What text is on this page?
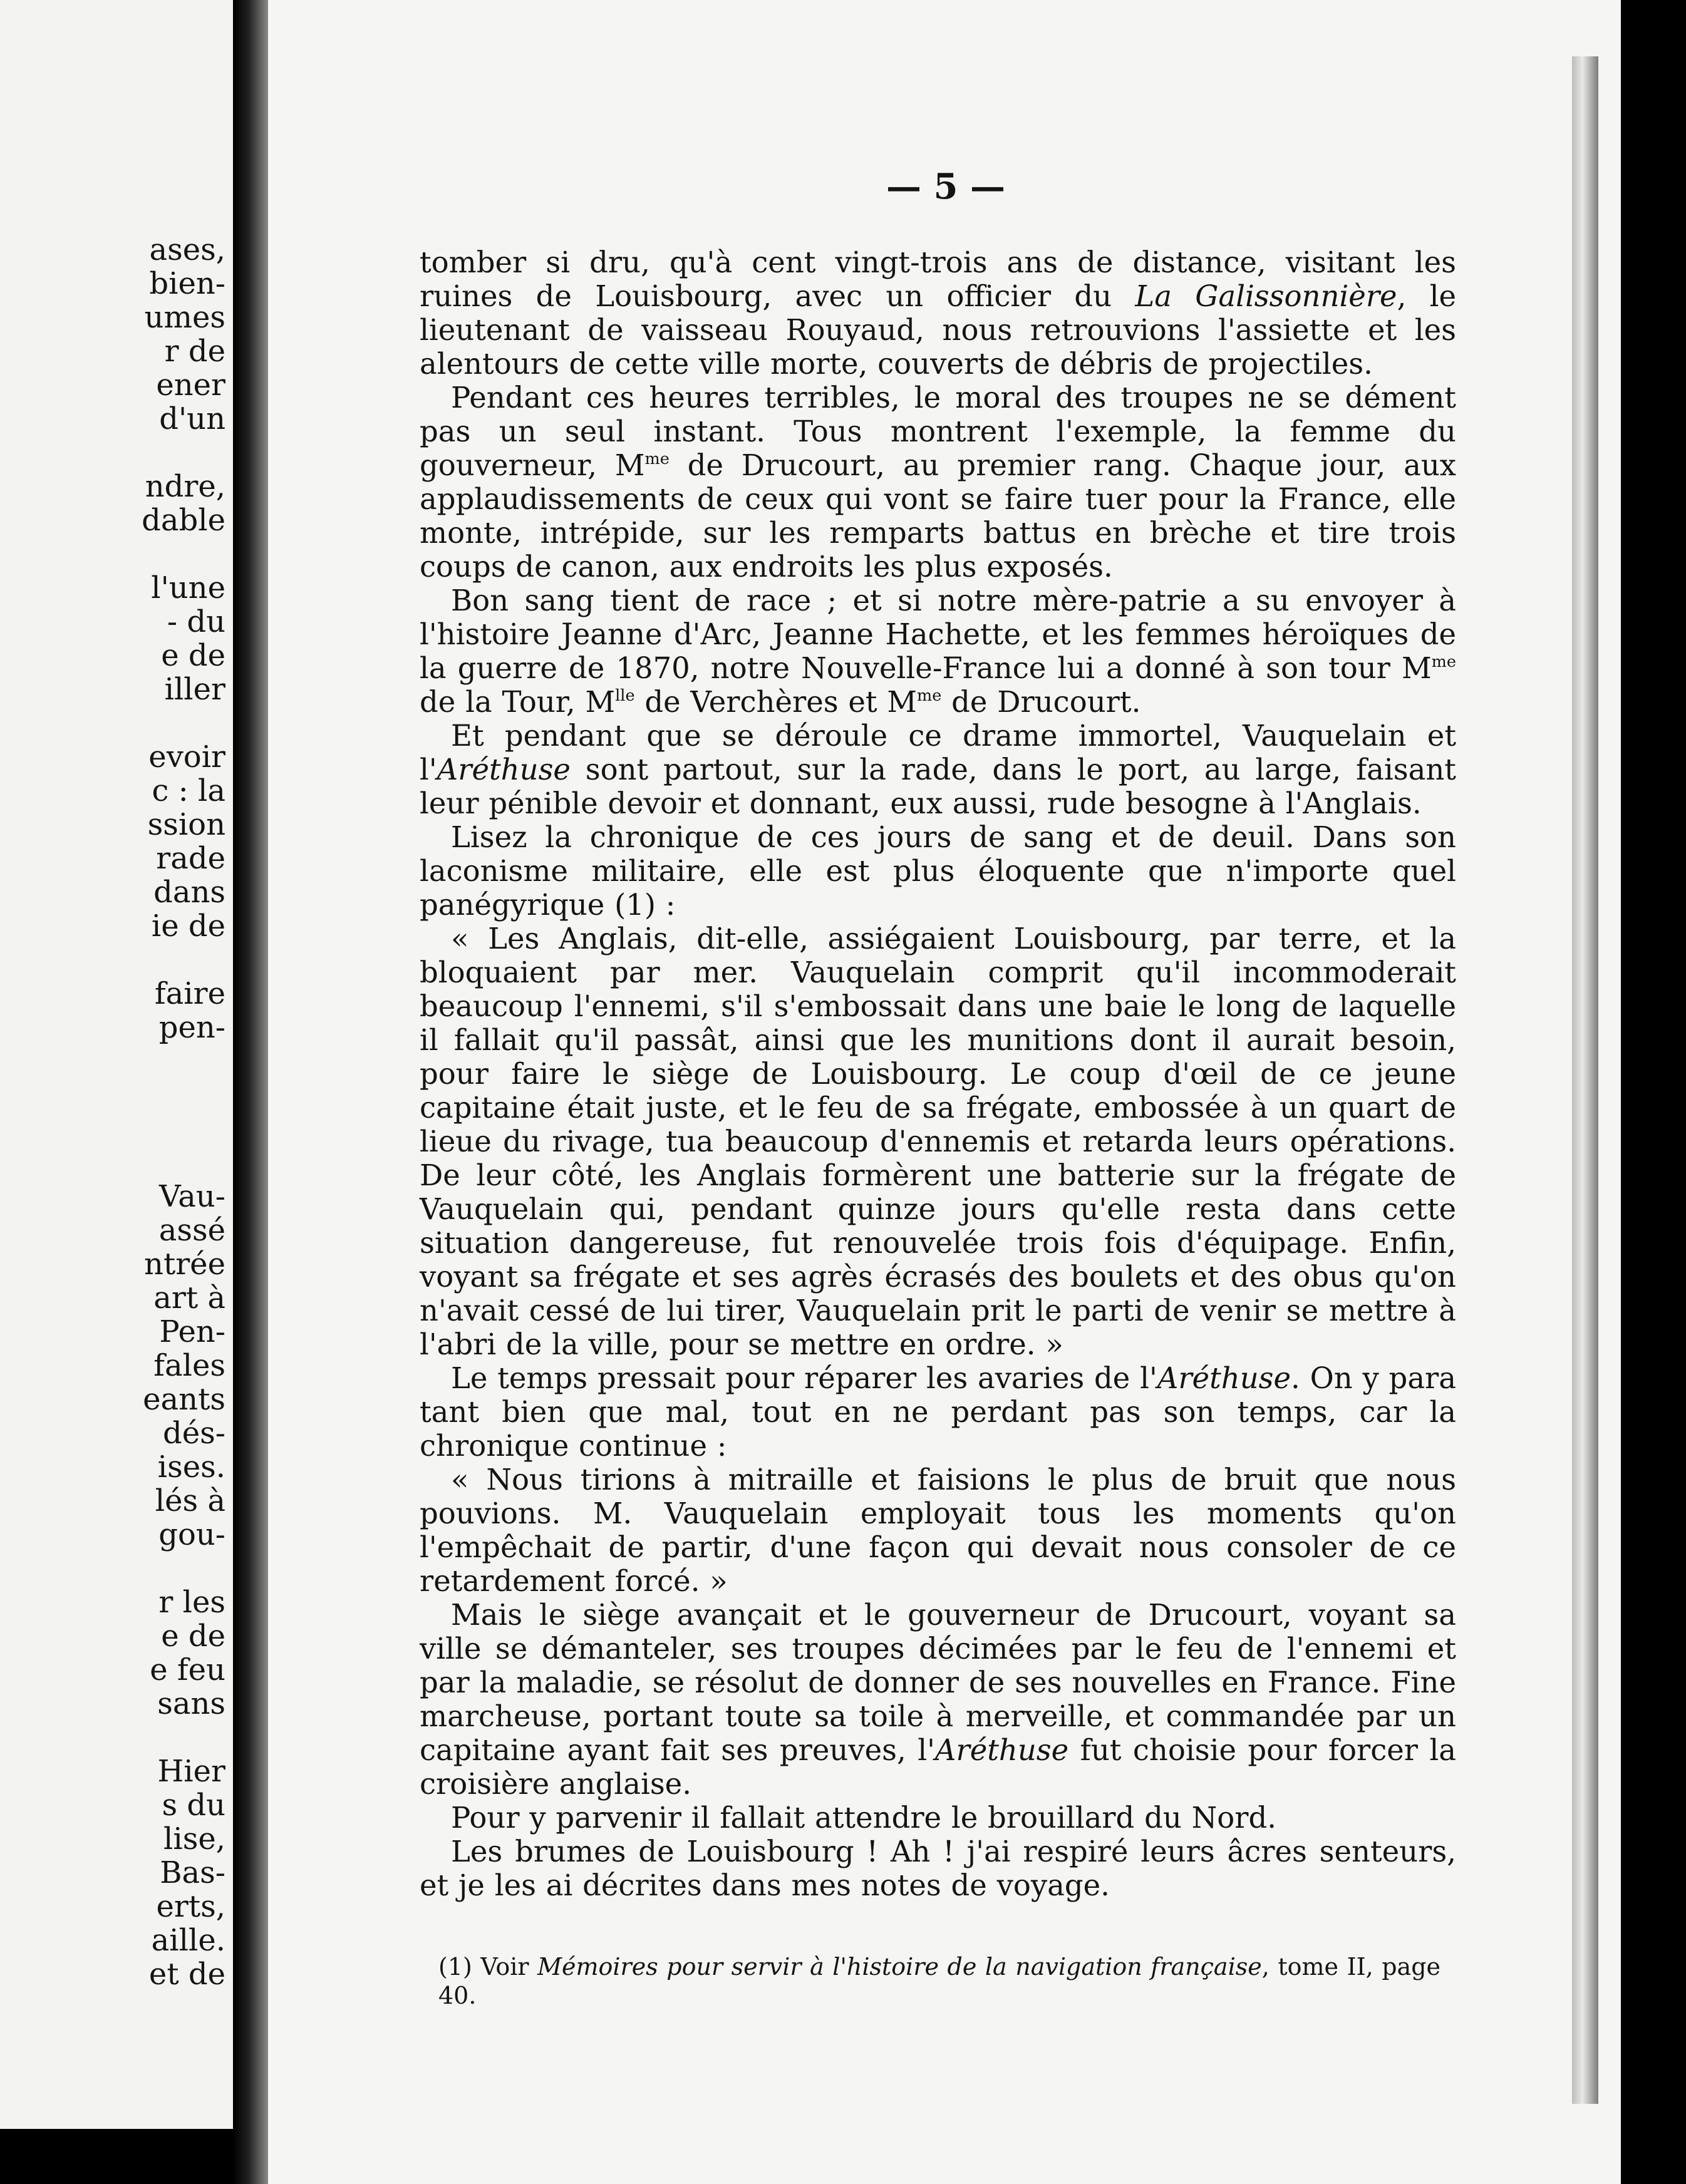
ases,
bien-
umes
r de
ener
d'un
ndre,
dable
l'une
- du
e de
iller
evoir
c : la
ssion
rade
dans
ie de
faire
pen-
Vau-
assé
ntrée
art à
Pen-
fales
eants
dés-
ises.
lés à
gou-
r les
e de
e feu
sans
Hier
s du
lise,
Bas-
erts,
aille.
et de
— 5 —

tomber si dru, qu'à cent vingt-trois ans de distance, visitant les ruines de Louisbourg, avec un officier du La Galissonnière, le lieutenant de vaisseau Rouyaud, nous retrouvions l'assiette et les alentours de cette ville morte, couverts de débris de projectiles.

Pendant ces heures terribles, le moral des troupes ne se dément pas un seul instant. Tous montrent l'exemple, la femme du gouverneur, $M^{me}$ de Drucourt, au premier rang. Chaque jour, aux applaudissements de ceux qui vont se faire tuer pour la France, elle monte, intrépide, sur les remparts battus en brèche et tire trois coups de canon, aux endroits les plus exposés.

Bon sang tient de race ; et si notre mère-patrie a su envoyer à l'histoire Jeanne d'Arc, Jeanne Hachette, et les femmes héroïques de la guerre de 1870, notre Nouvelle-France lui a donné à son tour $M^{me}$ de la Tour, $M^{lle}$ de Verchères et $M^{me}$ de Drucourt.

Et pendant que se déroule ce drame immortel, Vauquelain et l'Aréthuse sont partout, sur la rade, dans le port, au large, faisant leur pénible devoir et donnant, eux aussi, rude besogne à l'Anglais.

Lisez la chronique de ces jours de sang et de deuil. Dans son laconisme militaire, elle est plus éloquente que n'importe quel panégyrique (1) :

« Les Anglais, dit-elle, assiégaient Louisbourg, par terre, et la bloquaient par mer. Vauquelain comprit qu'il incommoderait beaucoup l'ennemi, s'il s'embossait dans une baie le long de laquelle il fallait qu'il passât, ainsi que les munitions dont il aurait besoin, pour faire le siège de Louisbourg. Le coup d'œil de ce jeune capitaine était juste, et le feu de sa frégate, embossée à un quart de lieue du rivage, tua beaucoup d'ennemis et retarda leurs opérations. De leur côté, les Anglais formèrent une batterie sur la frégate de Vauquelain qui, pendant quinze jours qu'elle resta dans cette situation dangereuse, fut renouvelée trois fois d'équipage. Enfin, voyant sa frégate et ses agrès écrasés des boulets et des obus qu'on n'avait cessé de lui tirer, Vauquelain prit le parti de venir se mettre à l'abri de la ville, pour se mettre en ordre. »

Le temps pressait pour réparer les avaries de l'Aréthuse. On y para tant bien que mal, tout en ne perdant pas son temps, car la chronique continue :

« Nous tirions à mitraille et faisions le plus de bruit que nous pouvions. M. Vauquelain employait tous les moments qu'on l'empêchait de partir, d'une façon qui devait nous consoler de ce retardement forcé. »

Mais le siège avançait et le gouverneur de Drucourt, voyant sa ville se démanteler, ses troupes décimées par le feu de l'ennemi et par la maladie, se résolut de donner de ses nouvelles en France. Fine marcheuse, portant toute sa toile à merveille, et commandée par un capitaine ayant fait ses preuves, l'Aréthuse fut choisie pour forcer la croisière anglaise.

Pour y parvenir il fallait attendre le brouillard du Nord.

Les brumes de Louisbourg ! Ah ! j'ai respiré leurs âcres senteurs, et je les ai décrites dans mes notes de voyage.

(1) Voir Mémoires pour servir à l'histoire de la navigation française, tome II, page 40.
